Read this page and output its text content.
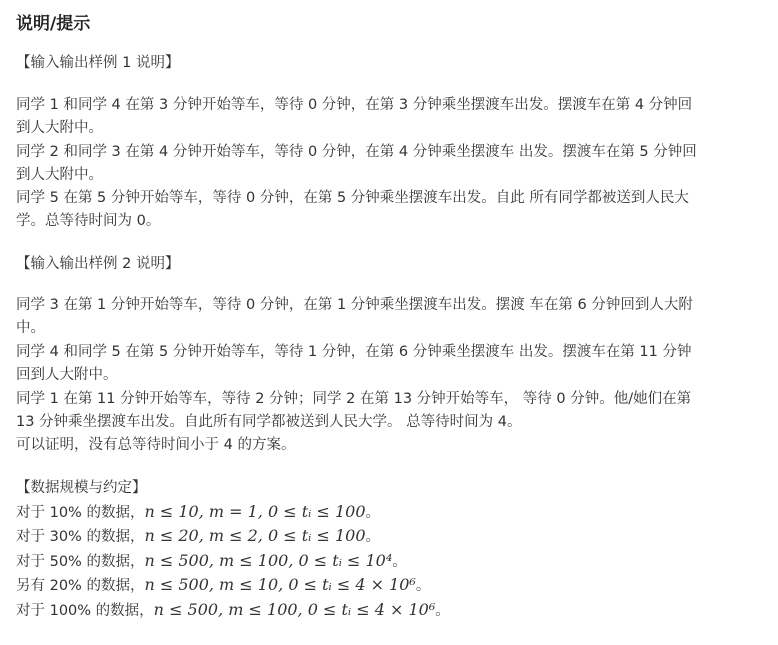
说明/提示
【输入输出样例 1 说明】
同学 1 和同学 4 在第 3 分钟开始等车，等待 0 分钟，在第 3 分钟乘坐摆渡车出发。摆渡车在第 4 分钟回
到人大附中。
同学 2 和同学 3 在第 4 分钟开始等车，等待 0 分钟，在第 4 分钟乘坐摆渡车 出发。摆渡车在第 5 分钟回
到人大附中。
同学 5 在第 5 分钟开始等车，等待 0 分钟，在第 5 分钟乘坐摆渡车出发。自此 所有同学都被送到人民大
学。总等待时间为 0。
【输入输出样例 2 说明】
同学 3 在第 1 分钟开始等车，等待 0 分钟，在第 1 分钟乘坐摆渡车出发。摆渡 车在第 6 分钟回到人大附
中。
同学 4 和同学 5 在第 5 分钟开始等车，等待 1 分钟，在第 6 分钟乘坐摆渡车 出发。摆渡车在第 11 分钟
回到人大附中。
同学 1 在第 11 分钟开始等车，等待 2 分钟；同学 2 在第 13 分钟开始等车， 等待 0 分钟。他/她们在第
13 分钟乘坐摆渡车出发。自此所有同学都被送到人民大学。 总等待时间为 4。
可以证明，没有总等待时间小于 4 的方案。
【数据规模与约定】
对于 10% 的数据，n ≤ 10, m = 1, 0 ≤ tᵢ ≤ 100。
对于 30% 的数据，n ≤ 20, m ≤ 2, 0 ≤ tᵢ ≤ 100。
对于 50% 的数据，n ≤ 500, m ≤ 100, 0 ≤ tᵢ ≤ 10⁴。
另有 20% 的数据，n ≤ 500, m ≤ 10, 0 ≤ tᵢ ≤ 4 × 10⁶。
对于 100% 的数据，n ≤ 500, m ≤ 100, 0 ≤ tᵢ ≤ 4 × 10⁶。
